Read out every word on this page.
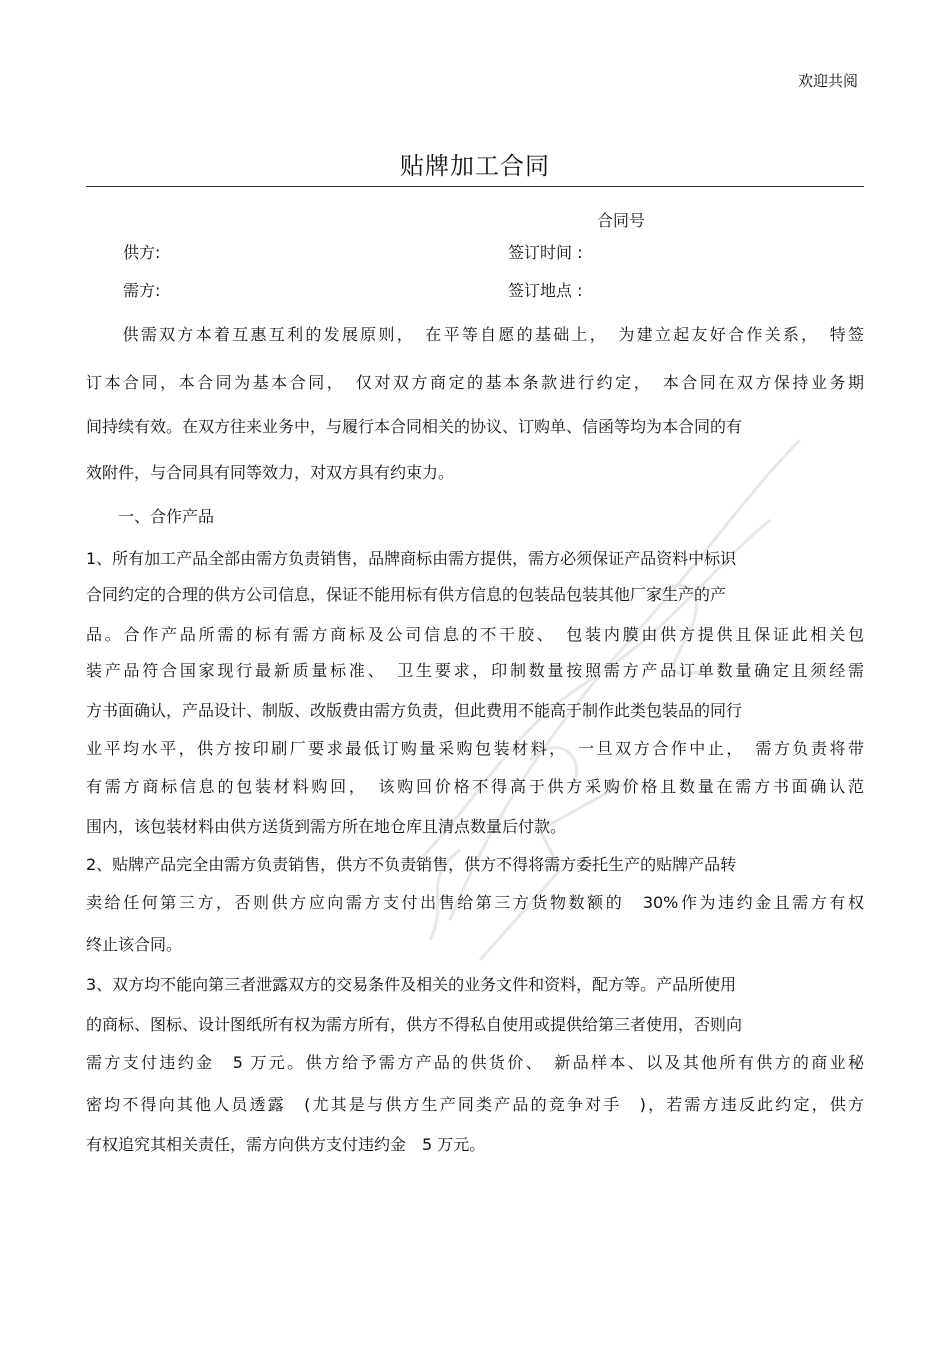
欢迎共阅
贴牌加工合同
合同号
供方:	签订时间 :
需方:	签订地点 :
　　供需双方本着互惠互利的发展原则，　在平等自愿的基础上，　为建立起友好合作关系，　特签
订本合同，本合同为基本合同，　仅对双方商定的基本条款进行约定，　本合同在双方保持业务期
间持续有效。在双方往来业务中，与履行本合同相关的协议、订购单、信函等均为本合同的有
效附件，与合同具有同等效力，对双方具有约束力。
　　一、合作产品
1、所有加工产品全部由需方负责销售，品牌商标由需方提供，需方必须保证产品资料中标识
合同约定的合理的供方公司信息，保证不能用标有供方信息的包装品包装其他厂家生产的产
品。合作产品所需的标有需方商标及公司信息的不干胶、　包装内膜由供方提供且保证此相关包
装产品符合国家现行最新质量标准、　卫生要求，印制数量按照需方产品订单数量确定且须经需
方书面确认，产品设计、制版、改版费由需方负责，但此费用不能高于制作此类包装品的同行
业平均水平，供方按印刷厂要求最低订购量采购包装材料，　一旦双方合作中止，　需方负责将带
有需方商标信息的包装材料购回，　该购回价格不得高于供方采购价格且数量在需方书面确认范
围内，该包装材料由供方送货到需方所在地仓库且清点数量后付款。
2、贴牌产品完全由需方负责销售，供方不负责销售，供方不得将需方委托生产的贴牌产品转
卖给任何第三方，否则供方应向需方支付出售给第三方货物数额的　30%作为违约金且需方有权
终止该合同。
3、双方均不能向第三者泄露双方的交易条件及相关的业务文件和资料，配方等。产品所使用
的商标、图标、设计图纸所有权为需方所有，供方不得私自使用或提供给第三者使用，否则向
需方支付违约金　5 万元。供方给予需方产品的供货价、　新品样本、以及其他所有供方的商业秘
密均不得向其他人员透露　(尤其是与供方生产同类产品的竞争对手　)，若需方违反此约定，供方
有权追究其相关责任，需方向供方支付违约金　5 万元。
